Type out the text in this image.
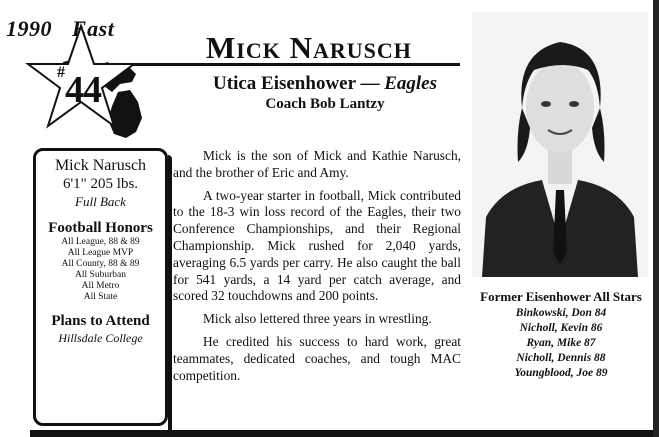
1990 East
# 44
Mick Narusch
Utica Eisenhower — Eagles
Coach Bob Lantzy
Mick Narusch
6'1" 205 lbs.
Full Back
Football Honors
All League, 88 & 89
All League MVP
All County, 88 & 89
All Suburban
All Metro
All State
Plans to Attend
Hillsdale College

Mick is the son of Mick and Kathie Narusch, and the brother of Eric and Amy.

A two-year starter in football, Mick contributed to the 18-3 win loss record of the Eagles, their two Conference Championships, and their Regional Championship. Mick rushed for 2,040 yards, averaging 6.5 yards per carry. He also caught the ball for 541 yards, a 14 yard per catch average, and scored 32 touchdowns and 200 points.

Mick also lettered three years in wrestling.

He credited his success to hard work, great teammates, dedicated coaches, and tough MAC competition.

Former Eisenhower All Stars
Binkowski, Don 84
Nicholl, Kevin 86
Ryan, Mike 87
Nicholl, Dennis 88
Youngblood, Joe 89
